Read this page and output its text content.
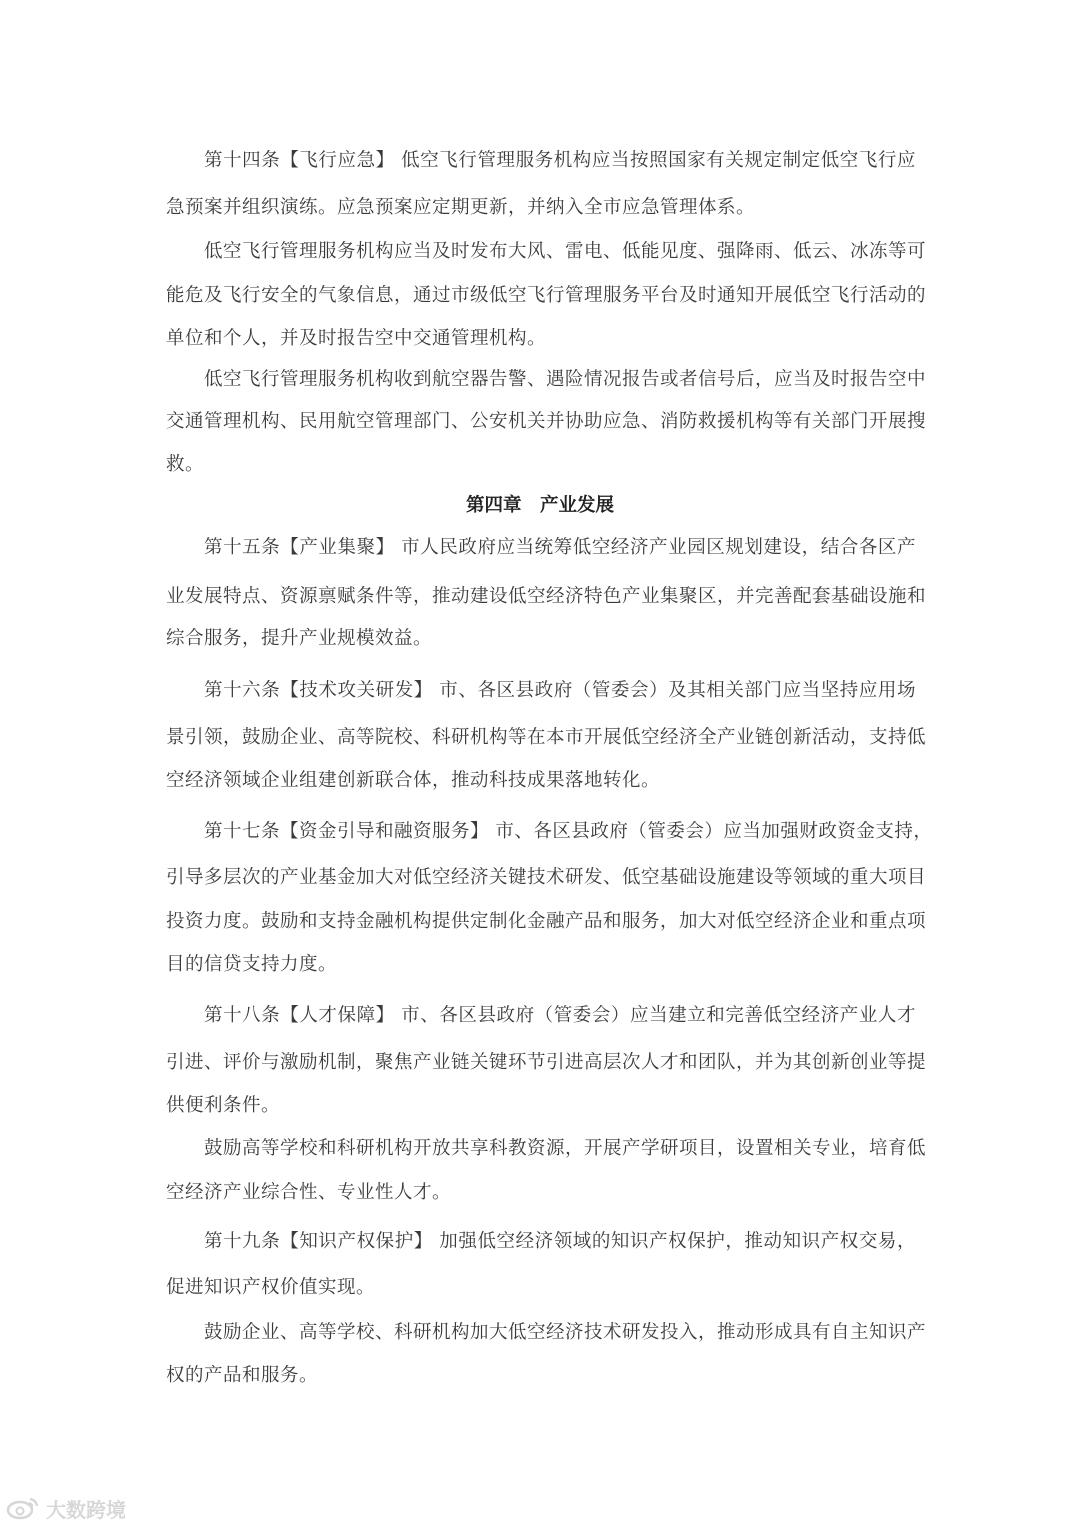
第四章　产业发展
第十四条【飞行应急】 低空飞行管理服务机构应当按照国家有关规定制定低空飞行应
急预案并组织演练。应急预案应定期更新，并纳入全市应急管理体系。
低空飞行管理服务机构应当及时发布大风、雷电、低能见度、强降雨、低云、冰冻等可
能危及飞行安全的气象信息，通过市级低空飞行管理服务平台及时通知开展低空飞行活动的
单位和个人，并及时报告空中交通管理机构。
低空飞行管理服务机构收到航空器告警、遇险情况报告或者信号后，应当及时报告空中
交通管理机构、民用航空管理部门、公安机关并协助应急、消防救援机构等有关部门开展搜
救。
第十五条【产业集聚】 市人民政府应当统筹低空经济产业园区规划建设，结合各区产
业发展特点、资源禀赋条件等，推动建设低空经济特色产业集聚区，并完善配套基础设施和
综合服务，提升产业规模效益。
第十六条【技术攻关研发】 市、各区县政府（管委会）及其相关部门应当坚持应用场
景引领，鼓励企业、高等院校、科研机构等在本市开展低空经济全产业链创新活动，支持低
空经济领域企业组建创新联合体，推动科技成果落地转化。
第十七条【资金引导和融资服务】 市、各区县政府（管委会）应当加强财政资金支持，
引导多层次的产业基金加大对低空经济关键技术研发、低空基础设施建设等领域的重大项目
投资力度。鼓励和支持金融机构提供定制化金融产品和服务，加大对低空经济企业和重点项
目的信贷支持力度。
第十八条【人才保障】 市、各区县政府（管委会）应当建立和完善低空经济产业人才
引进、评价与激励机制，聚焦产业链关键环节引进高层次人才和团队，并为其创新创业等提
供便利条件。
鼓励高等学校和科研机构开放共享科教资源，开展产学研项目，设置相关专业，培育低
空经济产业综合性、专业性人才。
第十九条【知识产权保护】 加强低空经济领域的知识产权保护，推动知识产权交易，
促进知识产权价值实现。
鼓励企业、高等学校、科研机构加大低空经济技术研发投入，推动形成具有自主知识产
权的产品和服务。
大数跨境
